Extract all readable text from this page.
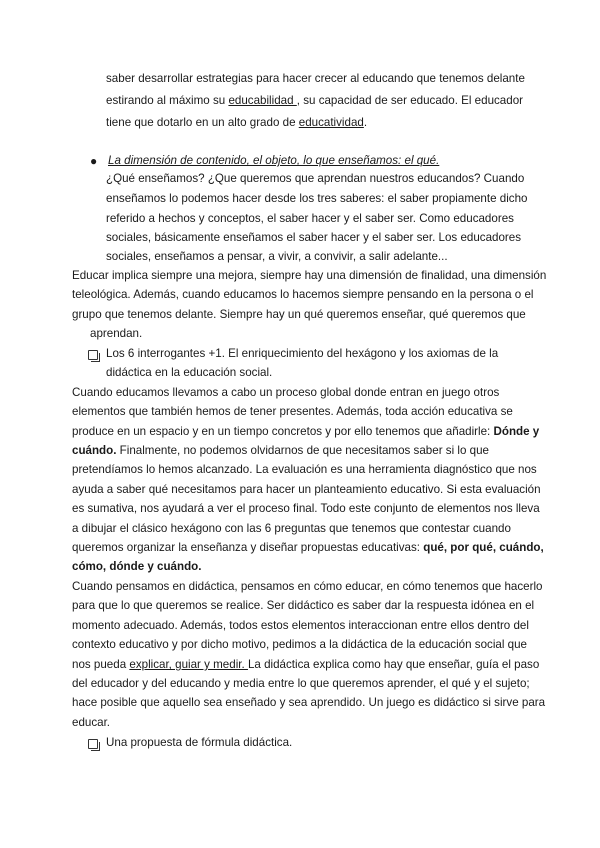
saber desarrollar estrategias para hacer crecer al educando que tenemos delante
estirando al máximo su educabilidad , su capacidad de ser educado. El educador
tiene que dotarlo en un alto grado de educatividad.
● La dimensión de contenido, el objeto, lo que enseñamos: el qué.
¿Qué enseñamos? ¿Que queremos que aprendan nuestros educandos? Cuando
enseñamos lo podemos hacer desde los tres saberes: el saber propiamente dicho
referido a hechos y conceptos, el saber hacer y el saber ser. Como educadores
sociales, básicamente enseñamos el saber hacer y el saber ser. Los educadores
sociales, enseñamos a pensar, a vivir, a convivir, a salir adelante...
Educar implica siempre una mejora, siempre hay una dimensión de finalidad, una dimensión
teleológica. Además, cuando educamos lo hacemos siempre pensando en la persona o el
grupo que tenemos delante. Siempre hay un qué queremos enseñar, qué queremos que
aprendan.
Los 6 interrogantes +1. El enriquecimiento del hexágono y los axiomas de la
didáctica en la educación social.
Cuando educamos llevamos a cabo un proceso global donde entran en juego otros
elementos que también hemos de tener presentes. Además, toda acción educativa se
produce en un espacio y en un tiempo concretos y por ello tenemos que añadirle: Dónde y
cuándo. Finalmente, no podemos olvidarnos de que necesitamos saber si lo que
pretendíamos lo hemos alcanzado. La evaluación es una herramienta diagnóstico que nos
ayuda a saber qué necesitamos para hacer un planteamiento educativo. Si esta evaluación
es sumativa, nos ayudará a ver el proceso final. Todo este conjunto de elementos nos lleva
a dibujar el clásico hexágono con las 6 preguntas que tenemos que contestar cuando
queremos organizar la enseñanza y diseñar propuestas educativas: qué, por qué, cuándo,
cómo, dónde y cuándo.
Cuando pensamos en didáctica, pensamos en cómo educar, en cómo tenemos que hacerlo
para que lo que queremos se realice. Ser didáctico es saber dar la respuesta idónea en el
momento adecuado. Además, todos estos elementos interaccionan entre ellos dentro del
contexto educativo y por dicho motivo, pedimos a la didáctica de la educación social que
nos pueda explicar, guiar y medir. La didáctica explica como hay que enseñar, guía el paso
del educador y del educando y media entre lo que queremos aprender, el qué y el sujeto;
hace posible que aquello sea enseñado y sea aprendido. Un juego es didáctico si sirve para
educar.
Una propuesta de fórmula didáctica.
